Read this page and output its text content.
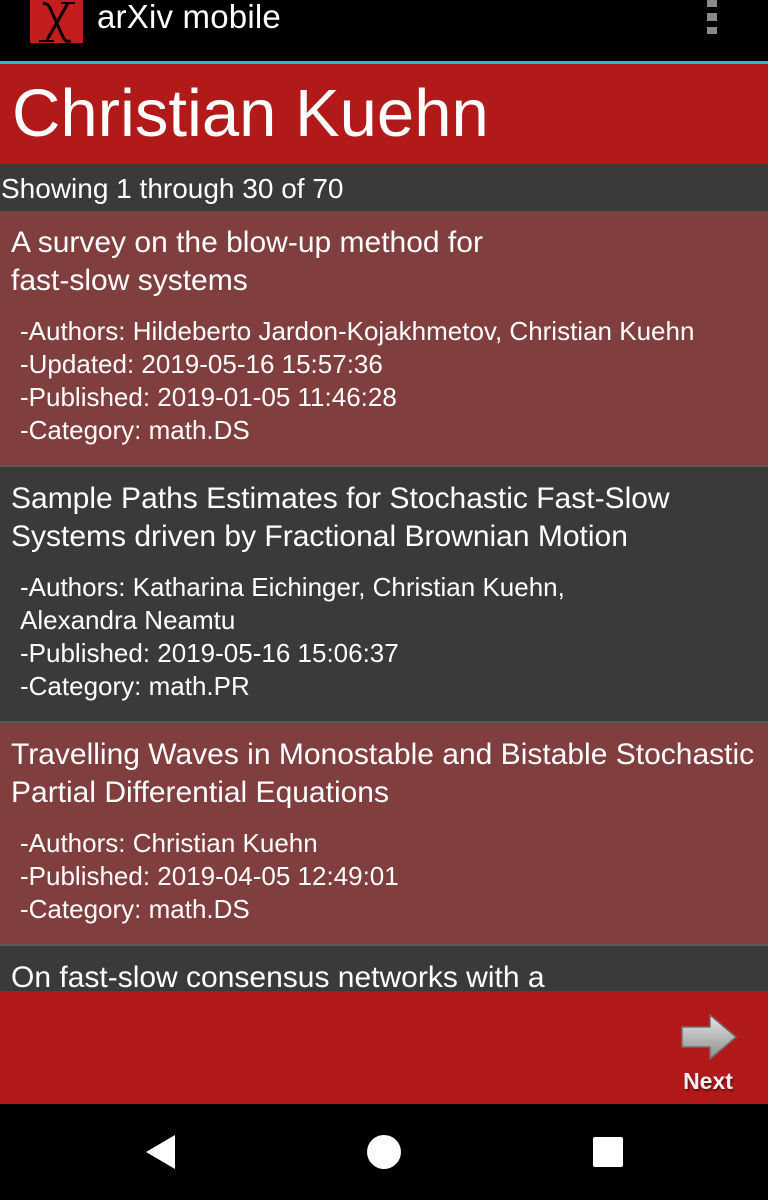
arXiv mobile
Christian Kuehn
Showing 1 through 30 of 70
A survey on the blow-up method for fast-slow systems
-Authors: Hildeberto Jardon-Kojakhmetov, Christian Kuehn
-Updated: 2019-05-16 15:57:36
-Published: 2019-01-05 11:46:28
-Category: math.DS
Sample Paths Estimates for Stochastic Fast-Slow Systems driven by Fractional Brownian Motion
-Authors: Katharina Eichinger, Christian Kuehn, Alexandra Neamtu
-Published: 2019-05-16 15:06:37
-Category: math.PR
Travelling Waves in Monostable and Bistable Stochastic Partial Differential Equations
-Authors: Christian Kuehn
-Published: 2019-04-05 12:49:01
-Category: math.DS
On fast-slow consensus networks with a
Next
